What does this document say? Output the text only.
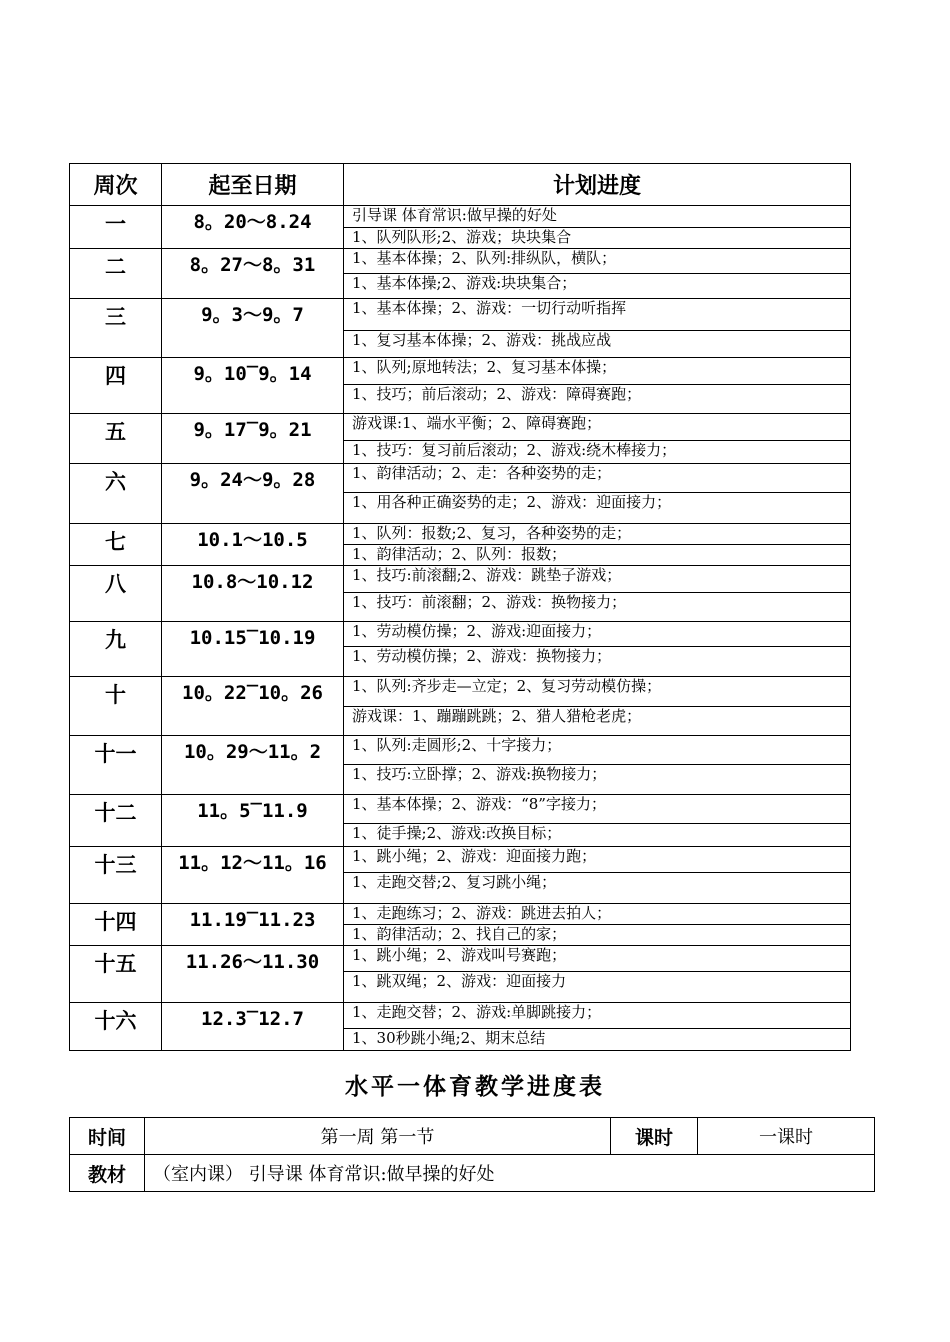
周次	起至日期	计划进度
一	8。20～8.24	引导课 体育常识:做早操的好处
		1、队列队形;2、游戏；块块集合
二	8。27～8。31	1、基本体操；2、队列:排纵队，横队；
		1、基本体操;2、游戏:块块集合；
三	9。3～9。7	1、基本体操；2、游戏：一切行动听指挥
		1、复习基本体操；2、游戏：挑战应战
四	9。10‾9。14	1、队列;原地转法；2、复习基本体操；
		1、技巧；前后滚动；2、游戏：障碍赛跑；
五	9。17‾9。21	游戏课:1、端水平衡；2、障碍赛跑；
		1、技巧：复习前后滚动；2、游戏:绕木棒接力；
六	9。24～9。28	1、韵律活动；2、走：各种姿势的走；
		1、用各种正确姿势的走；2、游戏：迎面接力；
七	10.1～10.5	1、队列：报数;2、复习，各种姿势的走；
		1、韵律活动；2、队列：报数；
八	10.8～10.12	1、技巧:前滚翻;2、游戏：跳垫子游戏；
		1、技巧：前滚翻；2、游戏：换物接力；
九	10.15‾10.19	1、劳动模仿操；2、游戏:迎面接力；
		1、劳动模仿操；2、游戏：换物接力；
十	10。22‾10。26	1、队列:齐步走—立定；2、复习劳动模仿操；
		游戏课：1、蹦蹦跳跳；2、猎人猎枪老虎；
十一	10。29～11。2	1、队列:走圆形;2、十字接力；
		1、技巧:立卧撑；2、游戏:换物接力；
十二	11。5‾11.9	1、基本体操；2、游戏：“8”字接力；
		1、徒手操;2、游戏:改换目标；
十三	11。12～11。16	1、跳小绳；2、游戏：迎面接力跑；
		1、走跑交替;2、复习跳小绳；
十四	11.19‾11.23	1、走跑练习；2、游戏：跳进去拍人；
		1、韵律活动；2、找自己的家；
十五	11.26～11.30	1、跳小绳；2、游戏叫号赛跑；
		1、跳双绳；2、游戏：迎面接力
十六	12.3‾12.7	1、走跑交替；2、游戏:单脚跳接力；
		1、30秒跳小绳;2、期末总结
水平一体育教学进度表
时间	第一周 第一节	课时	一课时
教材	（室内课） 引导课 体育常识:做早操的好处		
